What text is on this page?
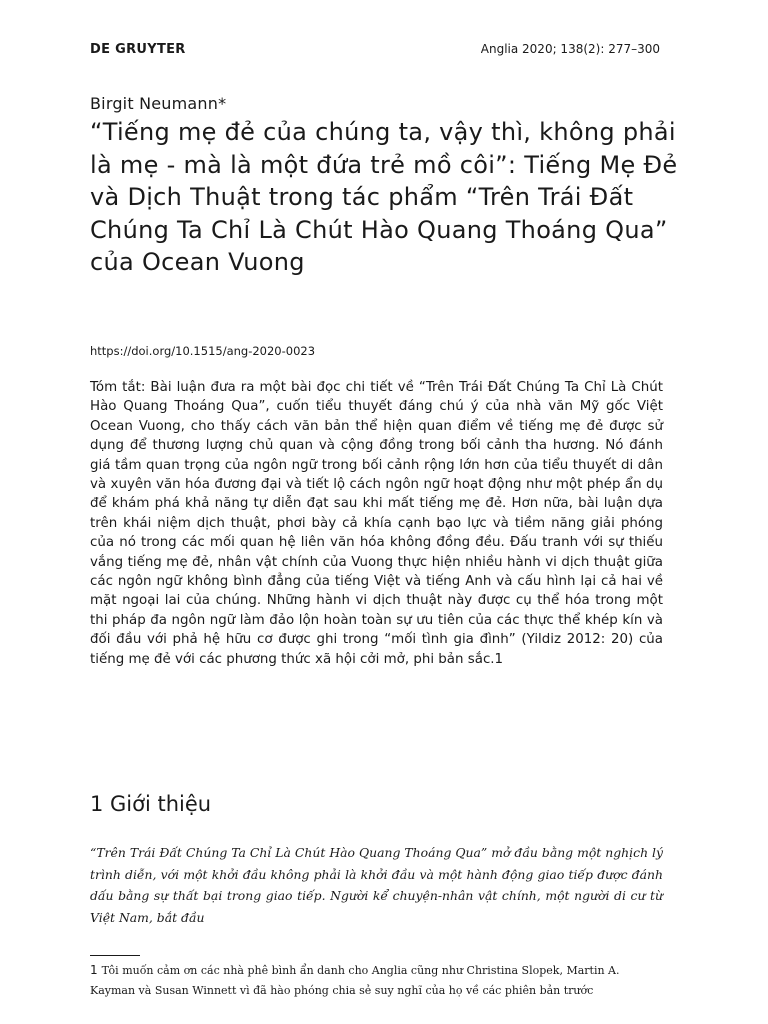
DE GRUYTER	Anglia 2020; 138(2): 277–300
Birgit Neumann*
“Tiếng mẹ đẻ của chúng ta, vậy thì, không phải là mẹ - mà là một đứa trẻ mồ côi”: Tiếng Mẹ Đẻ và Dịch Thuật trong tác phẩm “Trên Trái Đất Chúng Ta Chỉ Là Chút Hào Quang Thoáng Qua” của Ocean Vuong
https://doi.org/10.1515/ang-2020-0023

Tóm tắt: Bài luận đưa ra một bài đọc chi tiết về “Trên Trái Đất Chúng Ta Chỉ Là Chút Hào Quang Thoáng Qua”, cuốn tiểu thuyết đáng chú ý của nhà văn Mỹ gốc Việt Ocean Vuong, cho thấy cách văn bản thể hiện quan điểm về tiếng mẹ đẻ được sử dụng để thương lượng chủ quan và cộng đồng trong bối cảnh tha hương. Nó đánh giá tầm quan trọng của ngôn ngữ trong bối cảnh rộng lớn hơn của tiểu thuyết di dân và xuyên văn hóa đương đại và tiết lộ cách ngôn ngữ hoạt động như một phép ẩn dụ để khám phá khả năng tự diễn đạt sau khi mất tiếng mẹ đẻ. Hơn nữa, bài luận dựa trên khái niệm dịch thuật, phơi bày cả khía cạnh bạo lực và tiềm năng giải phóng của nó trong các mối quan hệ liên văn hóa không đồng đều. Đấu tranh với sự thiếu vắng tiếng mẹ đẻ, nhân vật chính của Vuong thực hiện nhiều hành vi dịch thuật giữa các ngôn ngữ không bình đẳng của tiếng Việt và tiếng Anh và cấu hình lại cả hai về mặt ngoại lai của chúng. Những hành vi dịch thuật này được cụ thể hóa trong một thi pháp đa ngôn ngữ làm đảo lộn hoàn toàn sự ưu tiên của các thực thể khép kín và đối đầu với phả hệ hữu cơ được ghi trong “mối tình gia đình” (Yildiz 2012: 20) của tiếng mẹ đẻ với các phương thức xã hội cởi mở, phi bản sắc.1

1 Giới thiệu

“Trên Trái Đất Chúng Ta Chỉ Là Chút Hào Quang Thoáng Qua” mở đầu bằng một nghịch lý trình diễn, với một khởi đầu không phải là khởi đầu và một hành động giao tiếp được đánh dấu bằng sự thất bại trong giao tiếp. Người kể chuyện-nhân vật chính, một người di cư từ Việt Nam, bắt đầu

1 Tôi muốn cảm ơn các nhà phê bình ẩn danh cho Anglia cũng như Christina Slopek, Martin A. Kayman và Susan Winnett vì đã hào phóng chia sẻ suy nghĩ của họ về các phiên bản trước
